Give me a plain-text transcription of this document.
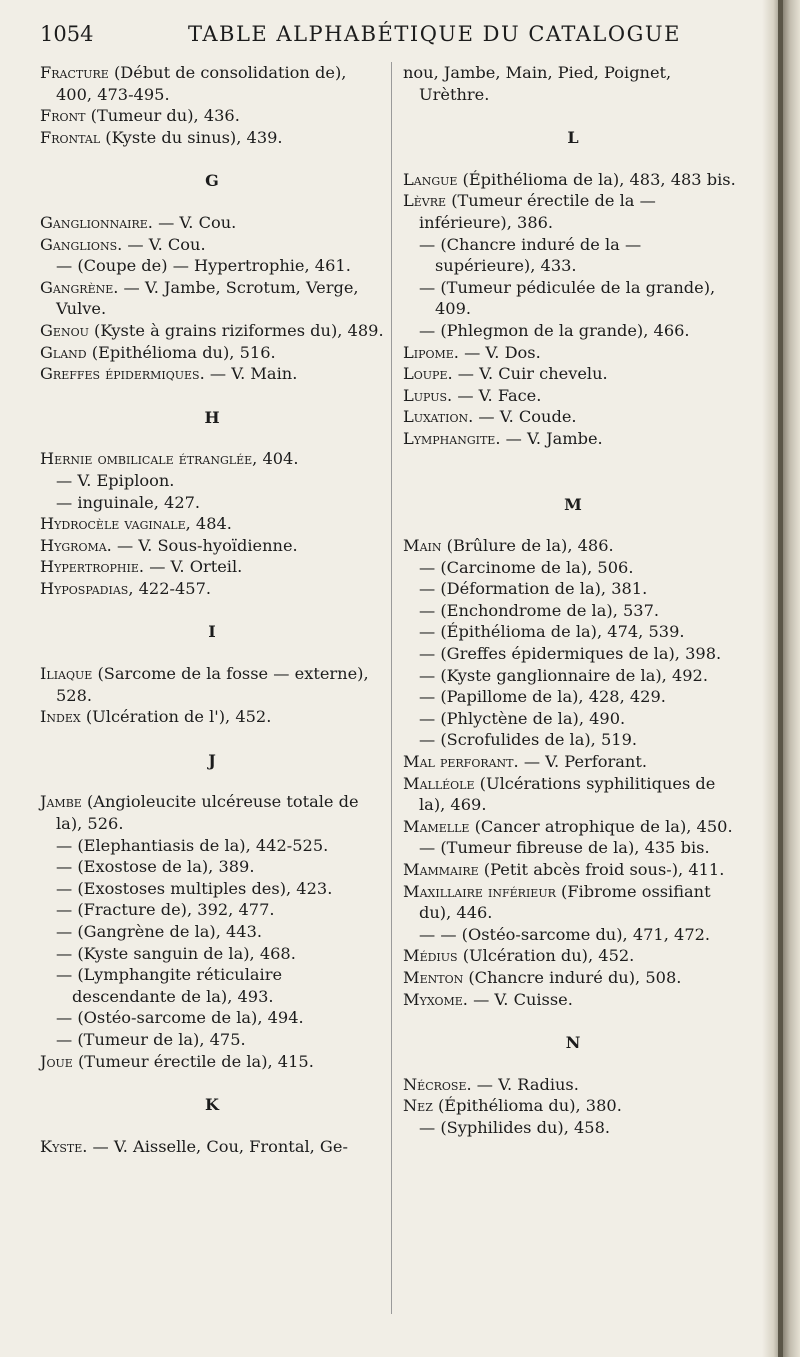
1054	TABLE ALPHABÉTIQUE DU CATALOGUE

Fracture (Début de consolidation de), 400, 473-495.

Front (Tumeur du), 436.

Frontal (Kyste du sinus), 439.

G

Ganglionnaire. — V. Cou.

Ganglions. — V. Cou.

— (Coupe de) — Hypertrophie, 461.

Gangrène. — V. Jambe, Scrotum, Verge, Vulve.

Genou (Kyste à grains riziformes du), 489.

Gland (Epithélioma du), 516.

Greffes épidermiques. — V. Main.

H

Hernie ombilicale étranglée, 404.

— V. Epiploon.

— inguinale, 427.

Hydrocèle vaginale, 484.

Hygroma. — V. Sous-hyoïdienne.

Hypertrophie. — V. Orteil.

Hypospadias, 422-457.

I

Iliaque (Sarcome de la fosse — externe), 528.

Index (Ulcération de l'), 452.

J

Jambe (Angioleucite ulcéreuse totale de la), 526.

— (Elephantiasis de la), 442-525.

— (Exostose de la), 389.

— (Exostoses multiples des), 423.

— (Fracture de), 392, 477.

— (Gangrène de la), 443.

— (Kyste sanguin de la), 468.

— (Lymphangite réticulaire descendante de la), 493.

— (Ostéo-sarcome de la), 494.

— (Tumeur de la), 475.

Joue (Tumeur érectile de la), 415.

K

Kyste. — V. Aisselle, Cou, Frontal, Ge-

nou, Jambe, Main, Pied, Poignet, Urèthre.

L

Langue (Épithélioma de la), 483, 483 bis.

Lèvre (Tumeur érectile de la —inférieure), 386.

— (Chancre induré de la — supérieure), 433.

— (Tumeur pédiculée de la grande), 409.

— (Phlegmon de la grande), 466.

Lipome. — V. Dos.

Loupe. — V. Cuir chevelu.

Lupus. — V. Face.

Luxation. — V. Coude.

Lymphangite. — V. Jambe.

M

Main (Brûlure de la), 486.

— (Carcinome de la), 506.

— (Déformation de la), 381.

— (Enchondrome de la), 537.

— (Épithélioma de la), 474, 539.

— (Greffes épidermiques de la), 398.

— (Kyste ganglionnaire de la), 492.

— (Papillome de la), 428, 429.

— (Phlyctène de la), 490.

— (Scrofulides de la), 519.

Mal perforant. — V. Perforant.

Malléole (Ulcérations syphilitiques de la), 469.

Mamelle (Cancer atrophique de la), 450.

— (Tumeur fibreuse de la), 435 bis.

Mammaire (Petit abcès froid sous-), 411.

Maxillaire inférieur (Fibrome ossifiant du), 446.

— — (Ostéo-sarcome du), 471, 472.

Médius (Ulcération du), 452.

Menton (Chancre induré du), 508.

Myxome. — V. Cuisse.

N

Nécrose. — V. Radius.

Nez (Épithélioma du), 380.

— (Syphilides du), 458.
